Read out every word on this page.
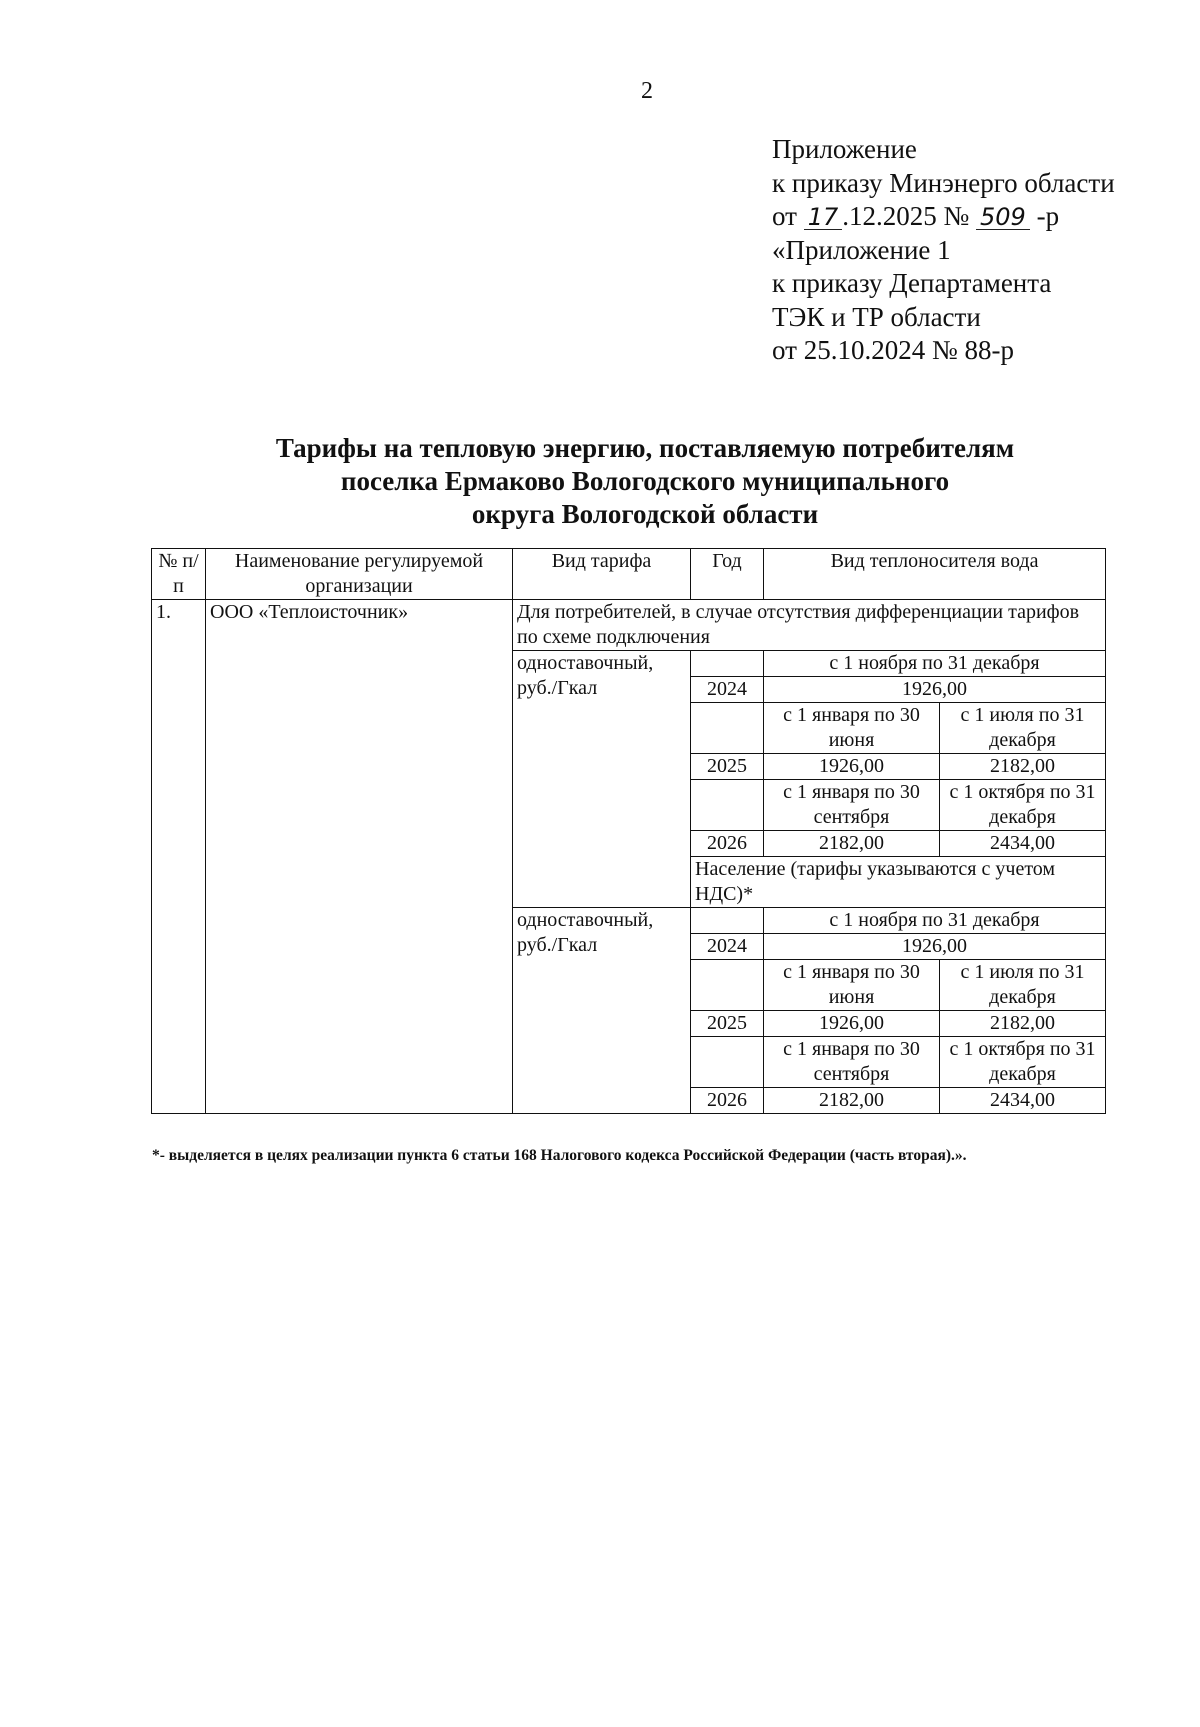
2
Приложение
к приказу Минэнерго области
от 17 .12.2025 № 509 -р
«Приложение 1
к приказу Департамента
ТЭК и ТР области
от 25.10.2024 № 88-р
Тарифы на тепловую энергию, поставляемую потребителям
поселка Ермаково Вологодского муниципального
округа Вологодской области
№ п/п	Наименование регулируемой организации	Вид тарифа	Год	Вид теплоносителя вода	
1.	ООО «Теплоисточник»	Для потребителей, в случае отсутствия дифференциации тарифов по схеме подключения			
		одноставочный, руб./Гкал		с 1 ноября по 31 декабря	
			2024	1926,00	
				с 1 января по 30 июня	с 1 июля по 31 декабря
			2025	1926,00	2182,00
				с 1 января по 30 сентября	с 1 октября по 31 декабря
			2026	2182,00	2434,00
			Население (тарифы указываются с учетом НДС)*		
		одноставочный, руб./Гкал		с 1 ноября по 31 декабря	
			2024	1926,00	
				с 1 января по 30 июня	с 1 июля по 31 декабря
			2025	1926,00	2182,00
				с 1 января по 30 сентября	с 1 октября по 31 декабря
			2026	2182,00	2434,00
*- выделяется в целях реализации пункта 6 статьи 168 Налогового кодекса Российской Федерации (часть вторая).».
